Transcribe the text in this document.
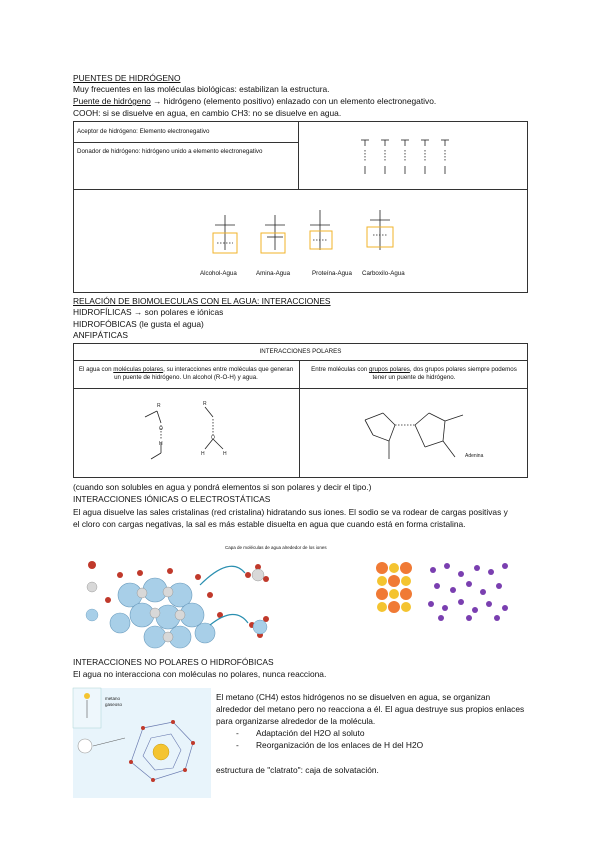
PUENTES DE HIDRÓGENO
Muy frecuentes en las moléculas biológicas: estabilizan la estructura.
Puente de hidrógeno → hidrógeno (elemento positivo) enlazado con un elemento electronegativo.
COOH: si se disuelve en agua, en cambio CH3: no se disuelve en agua.
Aceptor de hidrógeno: Elemento electronegativo
Donador de hidrógeno: hidrógeno unido a elemento electronegativo
Alcohol-Agua	Amina-Agua	Proteína-Agua Carboxilo-Agua
RELACIÓN DE BIOMOLECULAS CON EL AGUA: INTERACCIONES
HIDROFÍLICAS → son polares e iónicas
HIDROFÓBICAS (le gusta el agua)
ANFIPÁTICAS
INTERACCIONES POLARES
El agua con moléculas polares, su interacciones entre moléculas que generan un puente de hidrógeno. Un alcohol (R-O-H) y agua.
Entre moléculas con grupos polares, dos grupos polares siempre podemos tener un puente de hidrógeno.
R
O
H
R
O
H	H	Adenina
(cuando son solubles en agua y pondrá elementos si son polares y decir el tipo.)
INTERACCIONES IÓNICAS O ELECTROSTÁTICAS
El agua disuelve las sales cristalinas (red cristalina) hidratando sus iones. El sodio se va rodear de cargas positivas y el cloro con cargas negativas, la sal es más estable disuelta en agua que cuando está en forma cristalina.
Capa de moléculas de agua alrededor de los iones
INTERACCIONES NO POLARES O HIDROFÓBICAS
El agua no interacciona con moléculas no polares, nunca reacciona.
metano
gaseoso
El metano (CH4) estos hidrógenos no se disuelven en agua, se organizan alrededor del metano pero no reacciona a él. El agua destruye sus propios enlaces para organizarse alrededor de la molécula.
- Adaptación del H2O al soluto
- Reorganización de los enlaces de H del H2O
estructura de "clatrato": caja de solvatación.
